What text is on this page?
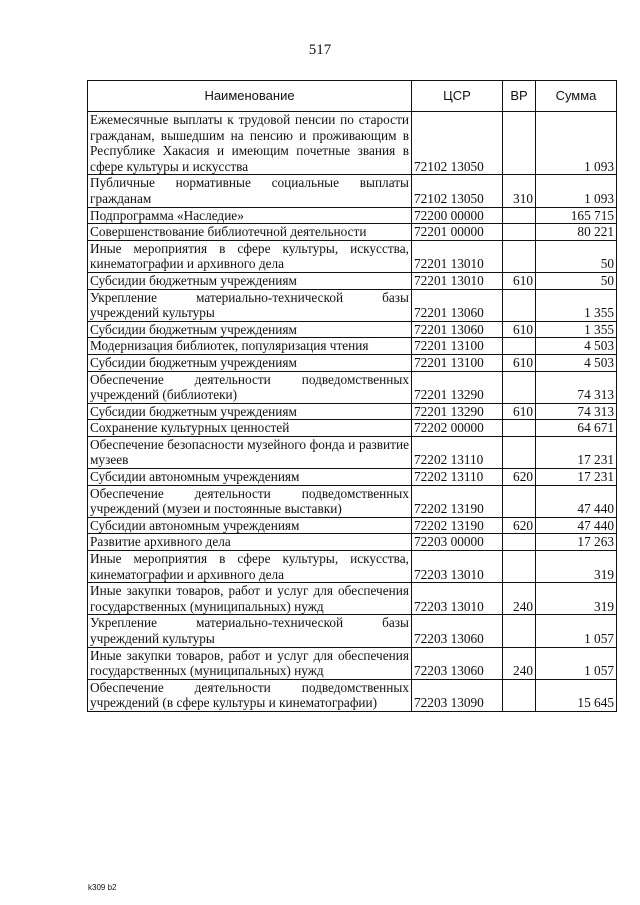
517
Наименование	ЦСР	ВР	Сумма
Ежемесячные выплаты к трудовой пенсии по старости гражданам, вышедшим на пенсию и проживающим в Республике Хакасия и имеющим почетные звания в сфере культуры и искусства	72102 13050		1 093
Публичные нормативные социальные выплаты гражданам	72102 13050	310	1 093
Подпрограмма «Наследие»	72200 00000		165 715
Совершенствование библиотечной деятельности	72201 00000		80 221
Иные мероприятия в сфере культуры, искусства, кинематографии и архивного дела	72201 13010		50
Субсидии бюджетным учреждениям	72201 13010	610	50
Укрепление материально-технической базы учреждений культуры	72201 13060		1 355
Субсидии бюджетным учреждениям	72201 13060	610	1 355
Модернизация библиотек, популяризация чтения	72201 13100		4 503
Субсидии бюджетным учреждениям	72201 13100	610	4 503
Обеспечение деятельности подведомственных учреждений (библиотеки)	72201 13290		74 313
Субсидии бюджетным учреждениям	72201 13290	610	74 313
Сохранение культурных ценностей	72202 00000		64 671
Обеспечение безопасности музейного фонда и развитие музеев	72202 13110		17 231
Субсидии автономным учреждениям	72202 13110	620	17 231
Обеспечение деятельности подведомственных учреждений (музеи и постоянные выставки)	72202 13190		47 440
Субсидии автономным учреждениям	72202 13190	620	47 440
Развитие архивного дела	72203 00000		17 263
Иные мероприятия в сфере культуры, искусства, кинематографии и архивного дела	72203 13010		319
Иные закупки товаров, работ и услуг для обеспечения государственных (муниципальных) нужд	72203 13010	240	319
Укрепление материально-технической базы учреждений культуры	72203 13060		1 057
Иные закупки товаров, работ и услуг для обеспечения государственных (муниципальных) нужд	72203 13060	240	1 057
Обеспечение деятельности подведомственных учреждений (в сфере культуры и кинематографии)	72203 13090		15 645
k309 b2
